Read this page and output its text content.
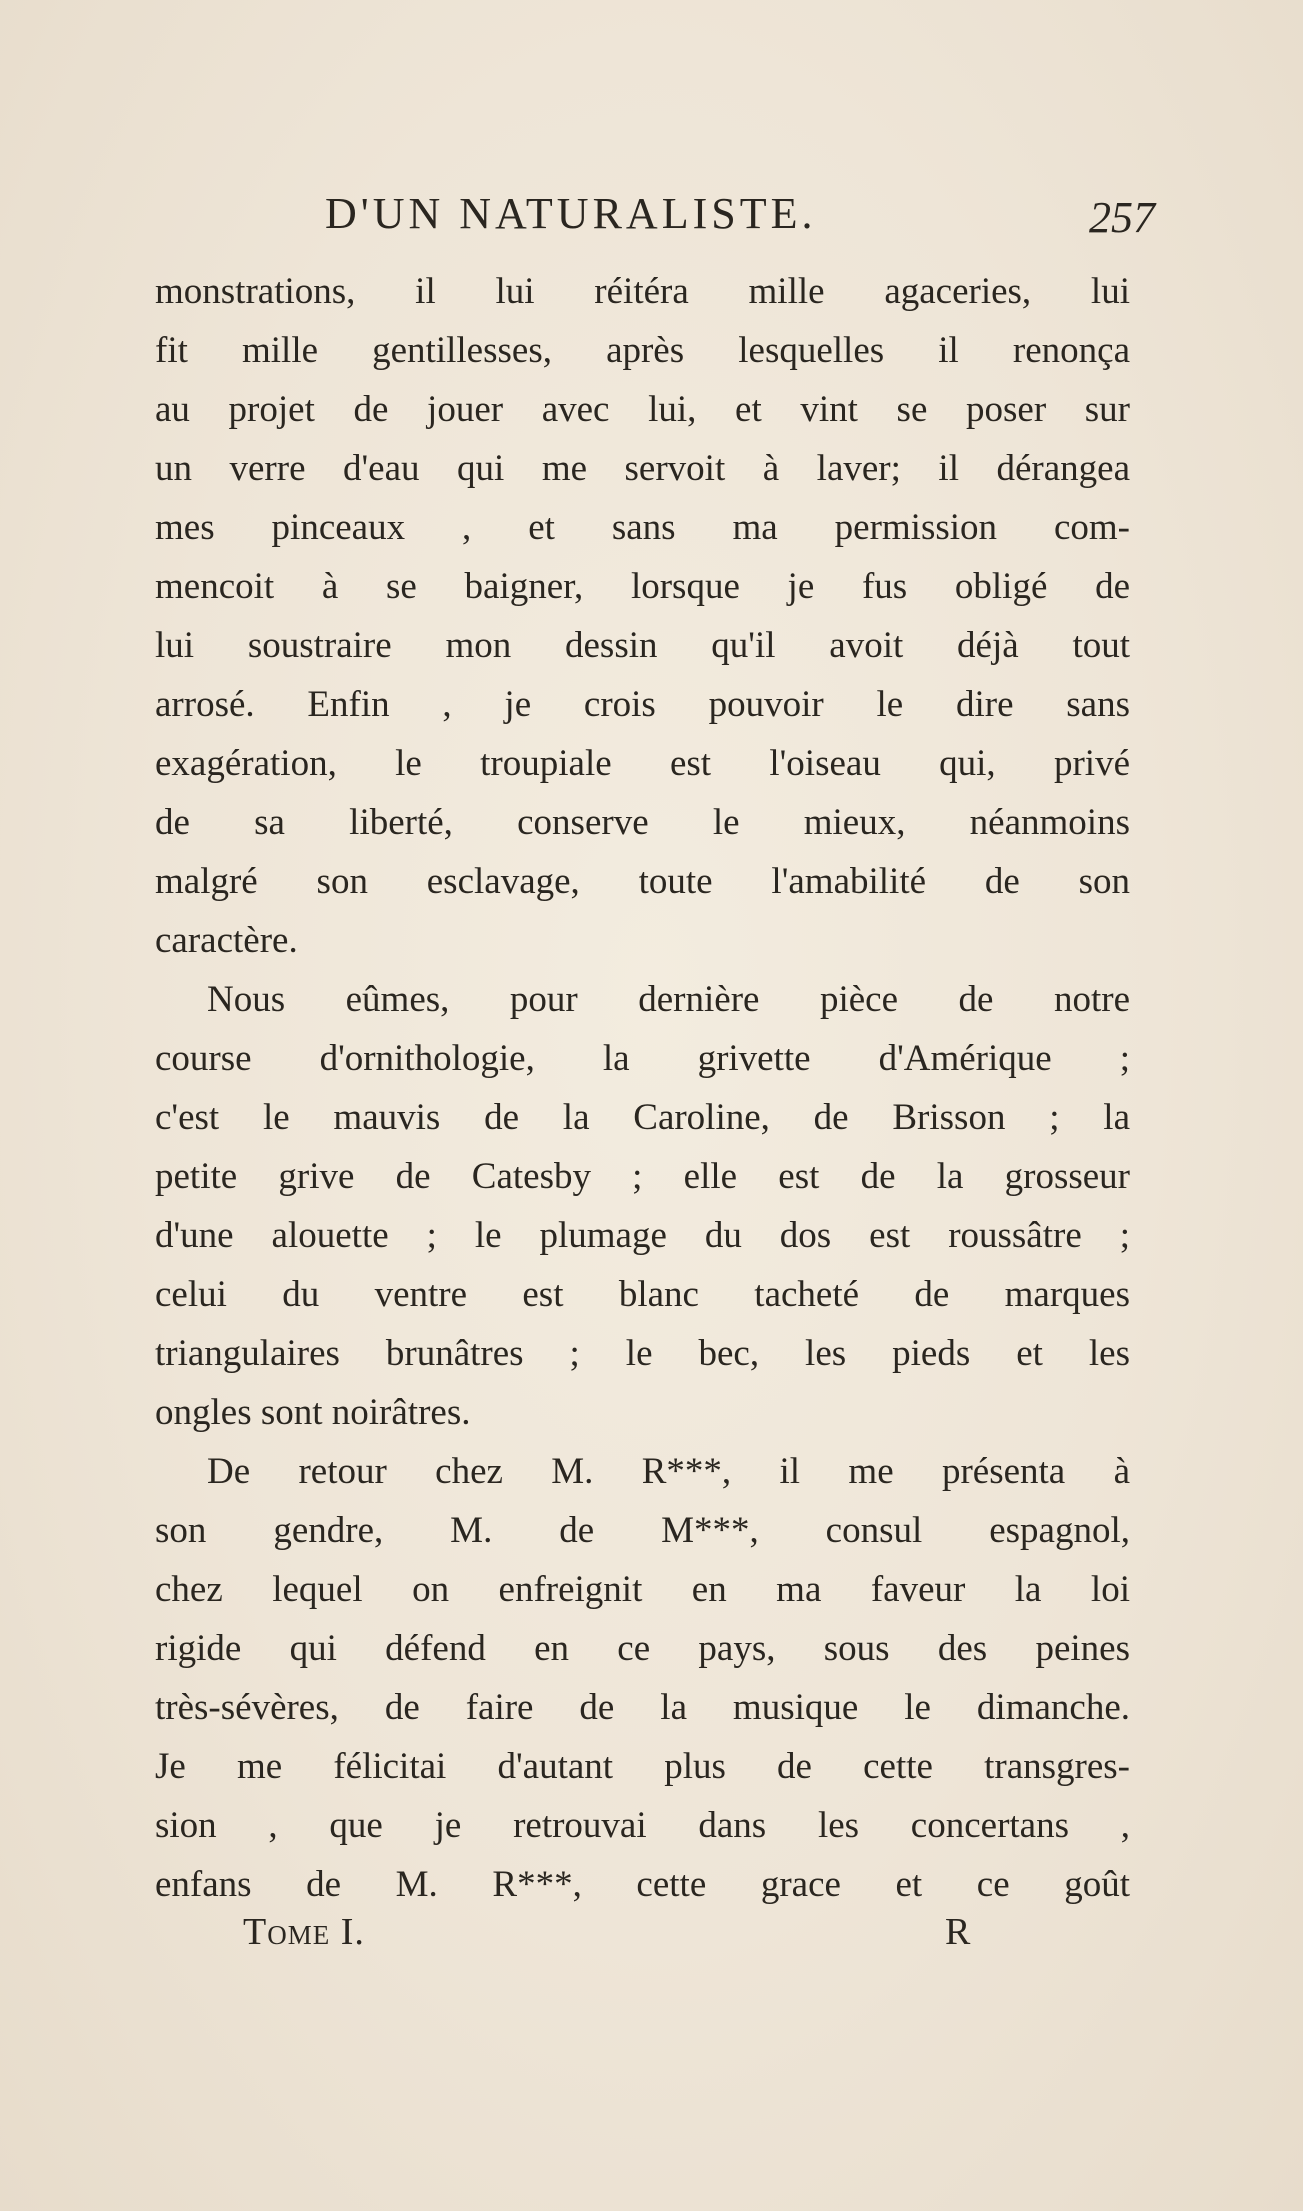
D'UN NATURALISTE.	257
monstrations, il lui réitéra mille agaceries, lui
fit mille gentillesses, après lesquelles il renonça
au projet de jouer avec lui, et vint se poser sur
un verre d'eau qui me servoit à laver; il dérangea
mes pinceaux , et sans ma permission com-
mencoit à se baigner, lorsque je fus obligé de
lui soustraire mon dessin qu'il avoit déjà tout
arrosé. Enfin , je crois pouvoir le dire sans
exagération, le troupiale est l'oiseau qui, privé
de sa liberté, conserve le mieux, néanmoins
malgré son esclavage, toute l'amabilité de son
caractère.
Nous eûmes, pour dernière pièce de notre
course d'ornithologie, la grivette d'Amérique ;
c'est le mauvis de la Caroline, de Brisson ; la
petite grive de Catesby ; elle est de la grosseur
d'une alouette ; le plumage du dos est roussâtre ;
celui du ventre est blanc tacheté de marques
triangulaires brunâtres ; le bec, les pieds et les
ongles sont noirâtres.
De retour chez M. R***, il me présenta à
son gendre, M. de M***, consul espagnol,
chez lequel on enfreignit en ma faveur la loi
rigide qui défend en ce pays, sous des peines
très-sévères, de faire de la musique le dimanche.
Je me félicitai d'autant plus de cette transgres-
sion , que je retrouvai dans les concertans ,
enfans de M. R***, cette grace et ce goût
Tome I.	R
